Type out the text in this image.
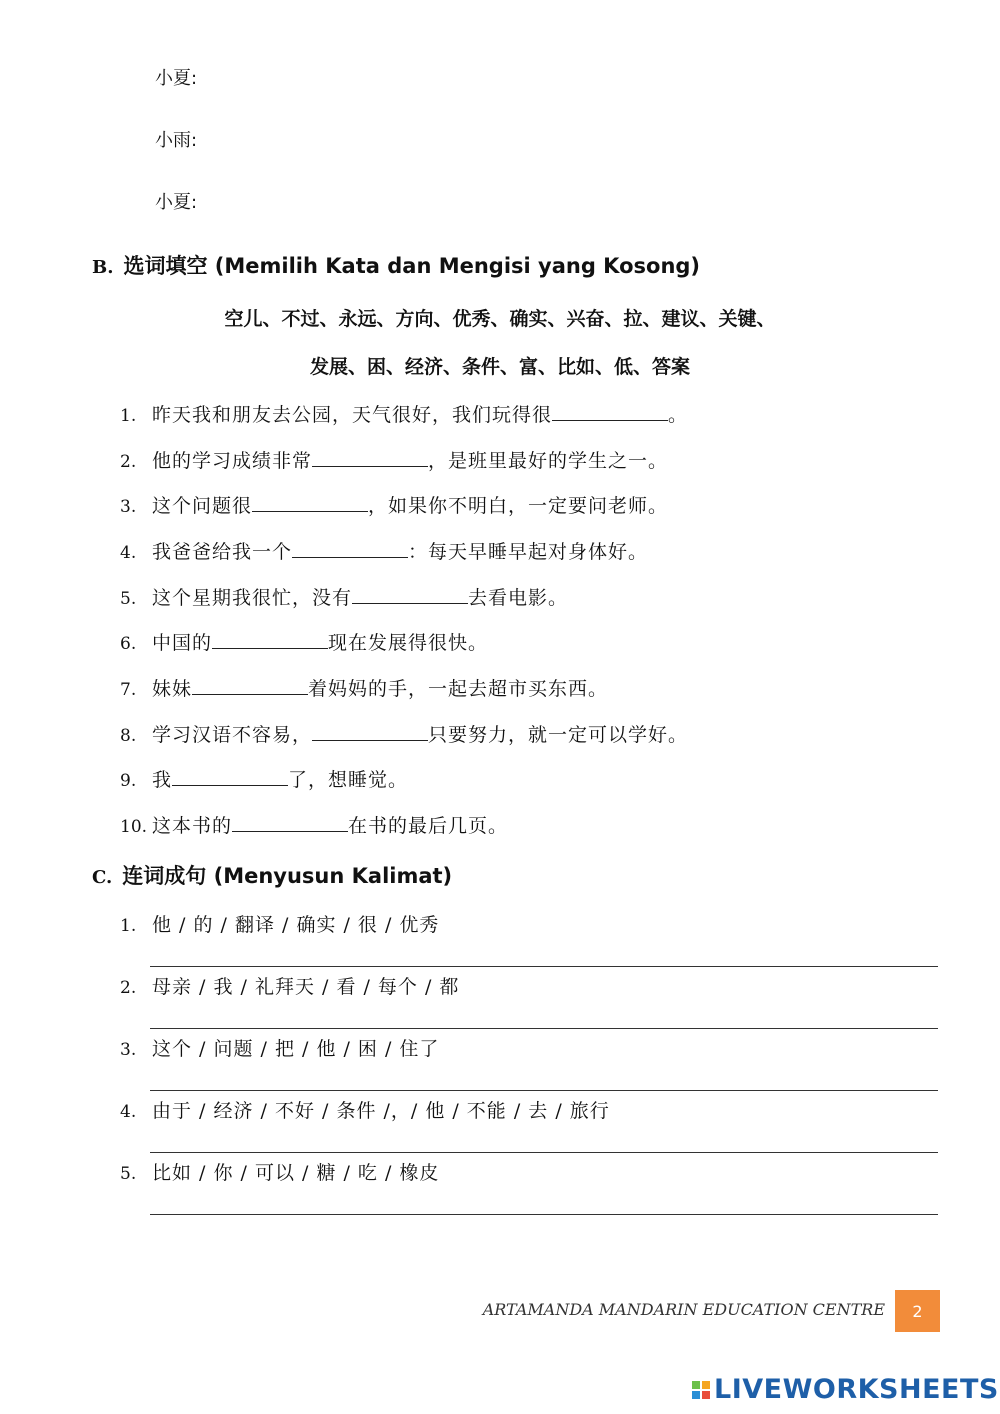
小夏:
小雨:
小夏:
B. 选词填空 (Memilih Kata dan Mengisi yang Kosong)
空儿、不过、永远、方向、优秀、确实、兴奋、拉、建议、关键、
发展、困、经济、条件、富、比如、低、答案
1. 昨天我和朋友去公园，天气很好，我们玩得很	。
2. 他的学习成绩非常	，是班里最好的学生之一。
3. 这个问题很	，如果你不明白，一定要问老师。
4. 我爸爸给我一个	：每天早睡早起对身体好。
5. 这个星期我很忙，没有	去看电影。
6. 中国的	现在发展得很快。
7. 妹妹	着妈妈的手，一起去超市买东西。
8. 学习汉语不容易，	只要努力，就一定可以学好。
9. 我	了，想睡觉。
10. 这本书的	在书的最后几页。
C. 连词成句 (Menyusun Kalimat)
1. 他 / 的 / 翻译 / 确实 / 很 / 优秀
2. 母亲 / 我 / 礼拜天 / 看 / 每个 / 都
3. 这个 / 问题 / 把 / 他 / 困 / 住了
4. 由于 / 经济 / 不好 / 条件 /，/ 他 / 不能 / 去 / 旅行
5. 比如 / 你 / 可以 / 糖 / 吃 / 橡皮
ARTAMANDA MANDARIN EDUCATION CENTRE	2
LIVEWORKSHEETS
